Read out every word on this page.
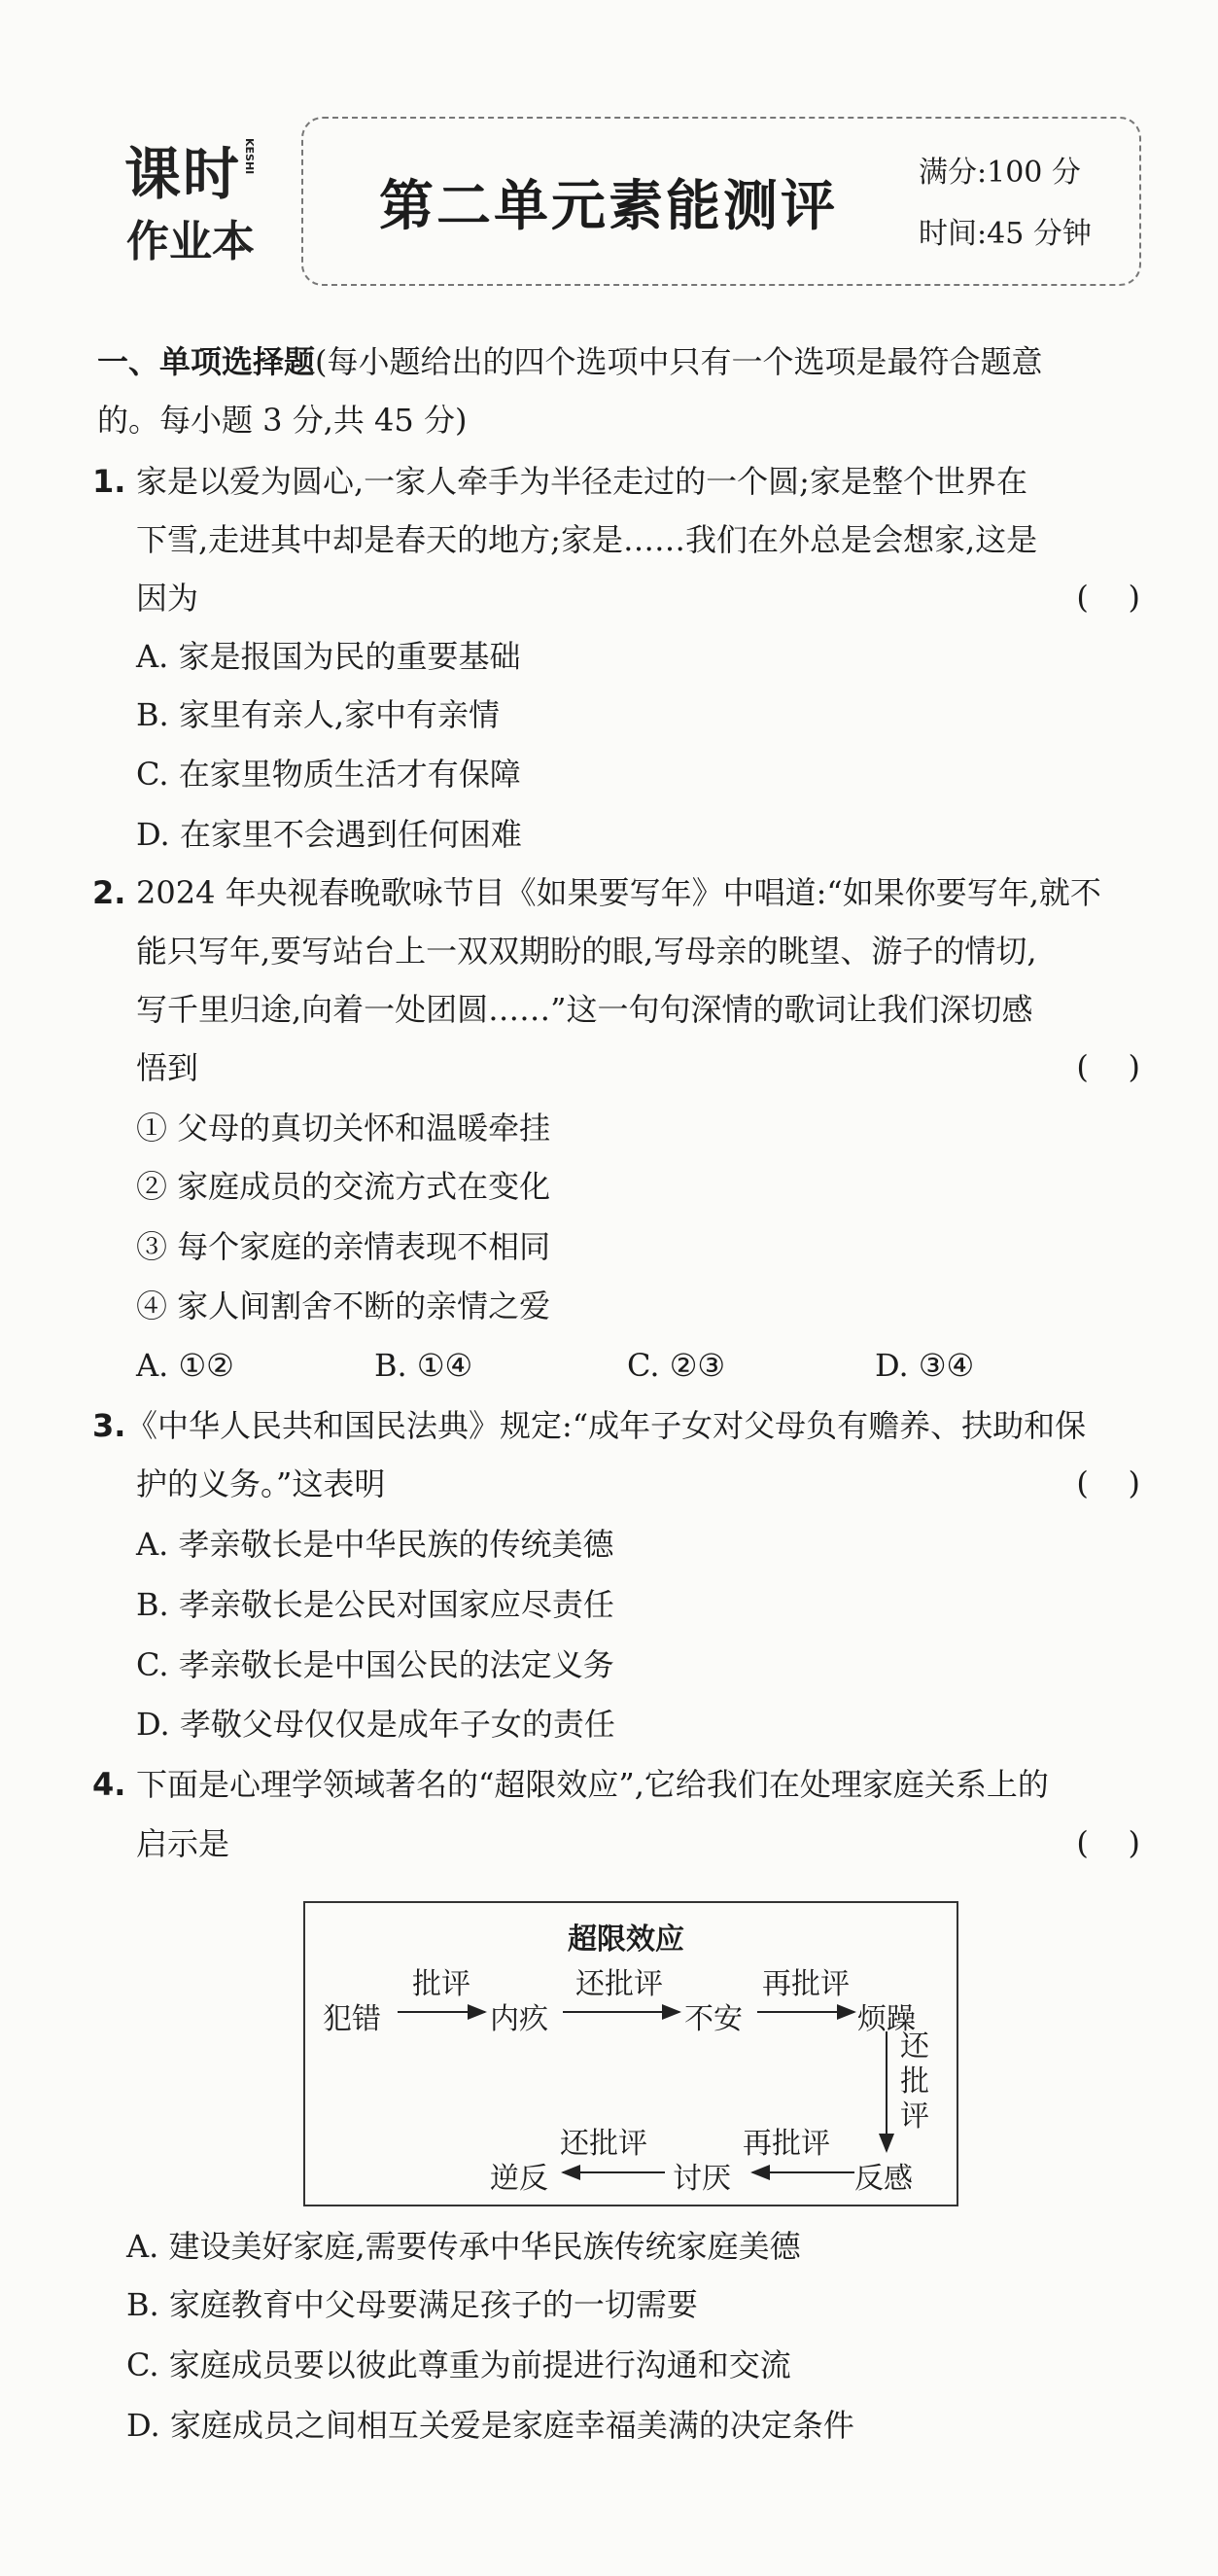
课时
作业本
KESHI
第二单元素能测评
满分:100 分
时间:45 分钟
一、单项选择题(每小题给出的四个选项中只有一个选项是最符合题意
的。每小题 3 分,共 45 分)
1. 家是以爱为圆心,一家人牵手为半径走过的一个圆;家是整个世界在
下雪,走进其中却是春天的地方;家是……我们在外总是会想家,这是
因为	(    )
A. 家是报国为民的重要基础
B. 家里有亲人,家中有亲情
C. 在家里物质生活才有保障
D. 在家里不会遇到任何困难
2. 2024 年央视春晚歌咏节目《如果要写年》中唱道:“如果你要写年,就不
能只写年,要写站台上一双双期盼的眼,写母亲的眺望、游子的情切,
写千里归途,向着一处团圆……”这一句句深情的歌词让我们深切感
悟到	(    )
① 父母的真切关怀和温暖牵挂
② 家庭成员的交流方式在变化
③ 每个家庭的亲情表现不相同
④ 家人间割舍不断的亲情之爱
A. ①②	B. ①④	C. ②③	D. ③④
3. 《中华人民共和国民法典》规定:“成年子女对父母负有赡养、扶助和保
护的义务。”这表明	(    )
A. 孝亲敬长是中华民族的传统美德
B. 孝亲敬长是公民对国家应尽责任
C. 孝亲敬长是中国公民的法定义务
D. 孝敬父母仅仅是成年子女的责任
4. 下面是心理学领域著名的“超限效应”,它给我们在处理家庭关系上的
启示是	(    )
超限效应
犯错	内疚	不安	烦躁
反感
讨厌
逆反
批评	还批评	再批评
还批评
再批评
还批评
A. 建设美好家庭,需要传承中华民族传统家庭美德
B. 家庭教育中父母要满足孩子的一切需要
C. 家庭成员要以彼此尊重为前提进行沟通和交流
D. 家庭成员之间相互关爱是家庭幸福美满的决定条件
